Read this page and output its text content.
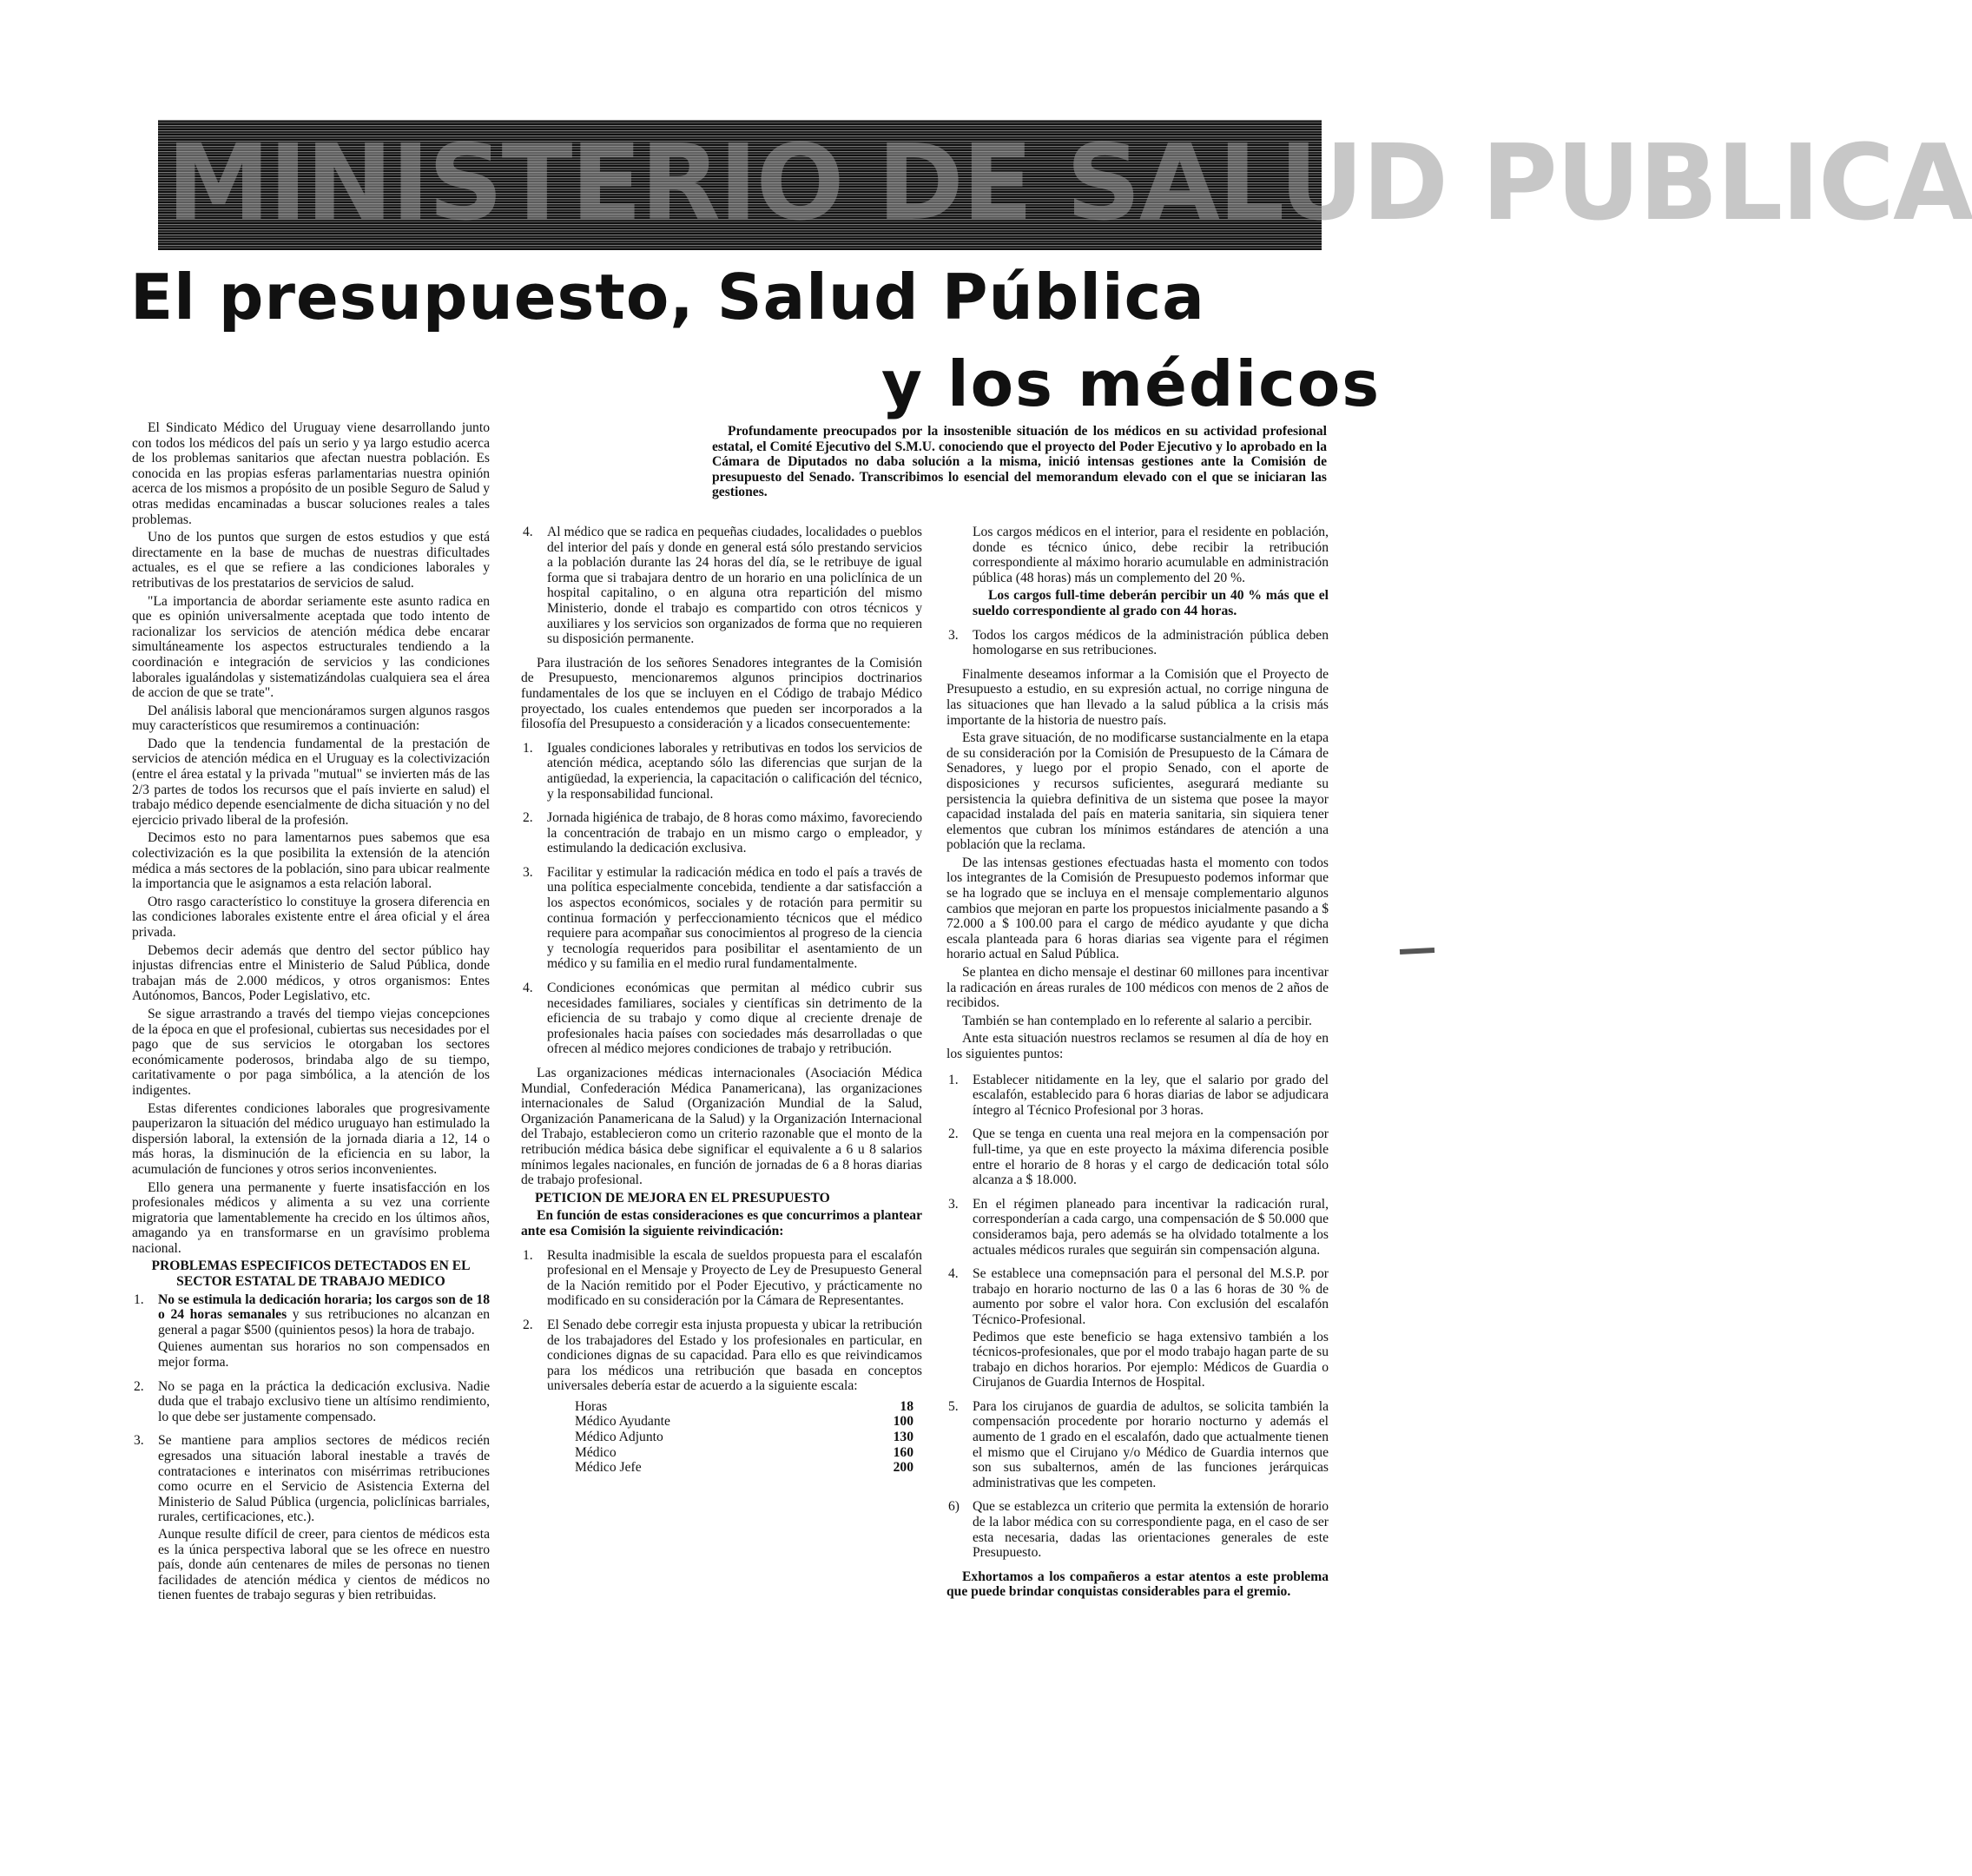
MINISTERIO DE SALUD PUBLICA
El presupuesto, Salud Pública
y los médicos

Profundamente preocupados por la insostenible situación de los médicos en su actividad profesional estatal, el Comité Ejecutivo del S.M.U. conociendo que el proyecto del Poder Ejecutivo y lo aprobado en la Cámara de Diputados no daba solución a la misma, inició intensas gestiones ante la Comisión de presupuesto del Senado. Transcribimos lo esencial del memorandum elevado con el que se iniciaran las gestiones.

El Sindicato Médico del Uruguay viene desarrollando junto con todos los médicos del país un serio y ya largo estudio acerca de los problemas sanitarios que afectan nuestra población. Es conocida en las propias esferas parlamentarias nuestra opinión acerca de los mismos a propósito de un posible Seguro de Salud y otras medidas encaminadas a buscar soluciones reales a tales problemas.

Uno de los puntos que surgen de estos estudios y que está directamente en la base de muchas de nuestras dificultades actuales, es el que se refiere a las condiciones laborales y retributivas de los prestatarios de servicios de salud.

"La importancia de abordar seriamente este asunto radica en que es opinión universalmente aceptada que todo intento de racionalizar los servicios de atención médica debe encarar simultáneamente los aspectos estructurales tendiendo a la coordinación e integración de servicios y las condiciones laborales igualándolas y sistematizándolas cualquiera sea el área de accion de que se trate".

Del análisis laboral que mencionáramos surgen algunos rasgos muy característicos que resumiremos a continuación:

Dado que la tendencia fundamental de la prestación de servicios de atención médica en el Uruguay es la colectivización (entre el área estatal y la privada "mutual" se invierten más de las 2/3 partes de todos los recursos que el país invierte en salud) el trabajo médico depende esencialmente de dicha situación y no del ejercicio privado liberal de la profesión.

Decimos esto no para lamentarnos pues sabemos que esa colectivización es la que posibilita la extensión de la atención médica a más sectores de la población, sino para ubicar realmente la importancia que le asignamos a esta relación laboral.

Otro rasgo característico lo constituye la grosera diferencia en las condiciones laborales existente entre el área oficial y el área privada.

Debemos decir además que dentro del sector público hay injustas difrencias entre el Ministerio de Salud Pública, donde trabajan más de 2.000 médicos, y otros organismos: Entes Autónomos, Bancos, Poder Legislativo, etc.

Se sigue arrastrando a través del tiempo viejas concepciones de la época en que el profesional, cubiertas sus necesidades por el pago que de sus servicios le otorgaban los sectores económicamente poderosos, brindaba algo de su tiempo, caritativamente o por paga simbólica, a la atención de los indigentes.

Estas diferentes condiciones laborales que progresivamente pauperizaron la situación del médico uruguayo han estimulado la dispersión laboral, la extensión de la jornada diaria a 12, 14 o más horas, la disminución de la eficiencia en su labor, la acumulación de funciones y otros serios inconvenientes.

Ello genera una permanente y fuerte insatisfacción en los profesionales médicos y alimenta a su vez una corriente migratoria que lamentablemente ha crecido en los últimos años, amagando ya en transformarse en un gravísimo problema nacional.

PROBLEMAS ESPECIFICOS DETECTADOS EN EL SECTOR ESTATAL DE TRABAJO MEDICO

1. No se estimula la dedicación horaria; los cargos son de 18 o 24 horas semanales y sus retribuciones no alcanzan en general a pagar $500 (quinientos pesos) la hora de trabajo.
Quienes aumentan sus horarios no son compensados en mejor forma.
2. No se paga en la práctica la dedicación exclusiva. Nadie duda que el trabajo exclusivo tiene un altísimo rendimiento, lo que debe ser justamente compensado.
3. Se mantiene para amplios sectores de médicos recién egresados una situación laboral inestable a través de contrataciones e interinatos con misérrimas retribuciones como ocurre en el Servicio de Asistencia Externa del Ministerio de Salud Pública (urgencia, policlínicas barriales, rurales, certificaciones, etc.).
Aunque resulte difícil de creer, para cientos de médicos esta es la única perspectiva laboral que se les ofrece en nuestro país, donde aún centenares de miles de personas no tienen facilidades de atención médica y cientos de médicos no tienen fuentes de trabajo seguras y bien retribuidas.
4. Al médico que se radica en pequeñas ciudades, localidades o pueblos del interior del país y donde en general está sólo prestando servicios a la población durante las 24 horas del día, se le retribuye de igual forma que si trabajara dentro de un horario en una policlínica de un hospital capitalino, o en alguna otra repartición del mismo Ministerio, donde el trabajo es compartido con otros técnicos y auxiliares y los servicios son organizados de forma que no requieren su disposición permanente.

Para ilustración de los señores Senadores integrantes de la Comisión de Presupuesto, mencionaremos algunos principios doctrinarios fundamentales de los que se incluyen en el Código de trabajo Médico proyectado, los cuales entendemos que pueden ser incorporados a la filosofía del Presupuesto a consideración y a licados consecuentemente:

1. Iguales condiciones laborales y retributivas en todos los servicios de atención médica, aceptando sólo las diferencias que surjan de la antigüedad, la experiencia, la capacitación o calificación del técnico, y la responsabilidad funcional.
2. Jornada higiénica de trabajo, de 8 horas como máximo, favoreciendo la concentración de trabajo en un mismo cargo o empleador, y estimulando la dedicación exclusiva.
3. Facilitar y estimular la radicación médica en todo el país a través de una política especialmente concebida, tendiente a dar satisfacción a los aspectos económicos, sociales y de rotación para permitir su continua formación y perfeccionamiento técnicos que el médico requiere para acompañar sus conocimientos al progreso de la ciencia y tecnología requeridos para posibilitar el asentamiento de un médico y su familia en el medio rural fundamentalmente.
4. Condiciones económicas que permitan al médico cubrir sus necesidades familiares, sociales y científicas sin detrimento de la eficiencia de su trabajo y como dique al creciente drenaje de profesionales hacia países con sociedades más desarrolladas o que ofrecen al médico mejores condiciones de trabajo y retribución.

Las organizaciones médicas internacionales (Asociación Médica Mundial, Confederación Médica Panamericana), las organizaciones internacionales de Salud (Organización Mundial de la Salud, Organización Panamericana de la Salud) y la Organización Internacional del Trabajo, establecieron como un criterio razonable que el monto de la retribución médica básica debe significar el equivalente a 6 u 8 salarios mínimos legales nacionales, en función de jornadas de 6 a 8 horas diarias de trabajo profesional.

PETICION DE MEJORA EN EL PRESUPUESTO

En función de estas consideraciones es que concurrimos a plantear ante esa Comisión la siguiente reivindicación:

1. Resulta inadmisible la escala de sueldos propuesta para el escalafón profesional en el Mensaje y Proyecto de Ley de Presupuesto General de la Nación remitido por el Poder Ejecutivo, y prácticamente no modificado en su consideración por la Cámara de Representantes.
2. El Senado debe corregir esta injusta propuesta y ubicar la retribución de los trabajadores del Estado y los profesionales en particular, en condiciones dignas de su capacidad. Para ello es que reivindicamos para los médicos una retribución que basada en conceptos universales debería estar de acuerdo a la siguiente escala:
Horas		18
Médico Ayudante		100
Médico Adjunto		130
Médico		160
Médico Jefe		200

Los cargos médicos en el interior, para el residente en población, donde es técnico único, debe recibir la retribución correspondiente al máximo horario acumulable en administración pública (48 horas) más un complemento del 20 %.

Los cargos full-time deberán percibir un 40 % más que el sueldo correspondiente al grado con 44 horas.

3. Todos los cargos médicos de la administración pública deben homologarse en sus retribuciones.

Finalmente deseamos informar a la Comisión que el Proyecto de Presupuesto a estudio, en su expresión actual, no corrige ninguna de las situaciones que han llevado a la salud pública a la crisis más importante de la historia de nuestro país.

Esta grave situación, de no modificarse sustancialmente en la etapa de su consideración por la Comisión de Presupuesto de la Cámara de Senadores, y luego por el propio Senado, con el aporte de disposiciones y recursos suficientes, asegurará mediante su persistencia la quiebra definitiva de un sistema que posee la mayor capacidad instalada del país en materia sanitaria, sin siquiera tener elementos que cubran los mínimos estándares de atención a una población que la reclama.

De las intensas gestiones efectuadas hasta el momento con todos los integrantes de la Comisión de Presupuesto podemos informar que se ha logrado que se incluya en el mensaje complementario algunos cambios que mejoran en parte los propuestos inicialmente pasando a $ 72.000 a $ 100.00 para el cargo de médico ayudante y que dicha escala planteada para 6 horas diarias sea vigente para el régimen horario actual en Salud Pública.

Se plantea en dicho mensaje el destinar 60 millones para incentivar la radicación en áreas rurales de 100 médicos con menos de 2 años de recibidos.

También se han contemplado en lo referente al salario a percibir.

Ante esta situación nuestros reclamos se resumen al día de hoy en los siguientes puntos:

1. Establecer nitidamente en la ley, que el salario por grado del escalafón, establecido para 6 horas diarias de labor se adjudicara íntegro al Técnico Profesional por 3 horas.
2. Que se tenga en cuenta una real mejora en la compensación por full-time, ya que en este proyecto la máxima diferencia posible entre el horario de 8 horas y el cargo de dedicación total sólo alcanza a $ 18.000.
3. En el régimen planeado para incentivar la radicación rural, corresponderían a cada cargo, una compensación de $ 50.000 que consideramos baja, pero además se ha olvidado totalmente a los actuales médicos rurales que seguirán sin compensación alguna.
4. Se establece una comepnsación para el personal del M.S.P. por trabajo en horario nocturno de las 0 a las 6 horas de 30 % de aumento por sobre el valor hora. Con exclusión del escalafón Técnico-Profesional.
Pedimos que este beneficio se haga extensivo también a los técnicos-profesionales, que por el modo trabajo hagan parte de su trabajo en dichos horarios. Por ejemplo: Médicos de Guardia o Cirujanos de Guardia Internos de Hospital.
5. Para los cirujanos de guardia de adultos, se solicita también la compensación procedente por horario nocturno y además el aumento de 1 grado en el escalafón, dado que actualmente tienen el mismo que el Cirujano y/o Médico de Guardia internos que son sus subalternos, amén de las funciones jerárquicas administrativas que les competen.
6) Que se establezca un criterio que permita la extensión de horario de la labor médica con su correspondiente paga, en el caso de ser esta necesaria, dadas las orientaciones generales de este Presupuesto.

Exhortamos a los compañeros a estar atentos a este problema que puede brindar conquistas considerables para el gremio.
